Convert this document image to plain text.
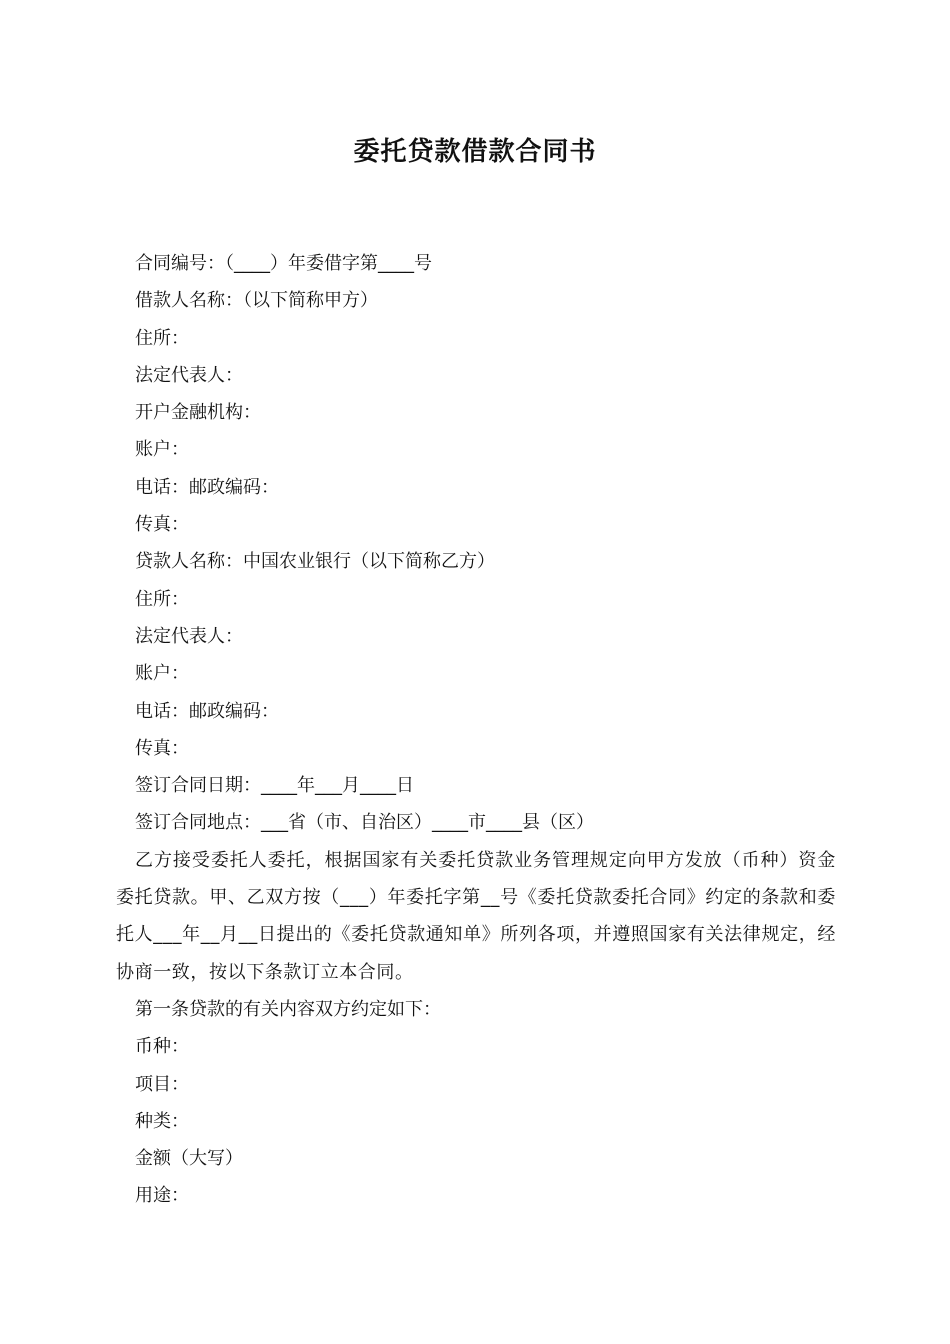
委托贷款借款合同书

合同编号：（____）年委借字第____号

借款人名称：（以下简称甲方）

住所：

法定代表人：

开户金融机构：

账户：

电话：邮政编码：

传真：

贷款人名称：中国农业银行（以下简称乙方）

住所：

法定代表人：

账户：

电话：邮政编码：

传真：

签订合同日期：____年___月____日

签订合同地点：___省（市、自治区）____市____县（区）

乙方接受委托人委托，根据国家有关委托贷款业务管理规定向甲方发放（币种）资金委托贷款。甲、乙双方按（___）年委托字第__号《委托贷款委托合同》约定的条款和委托人___年__月__日提出的《委托贷款通知单》所列各项，并遵照国家有关法律规定，经协商一致，按以下条款订立本合同。

第一条贷款的有关内容双方约定如下：

币种：

项目：

种类：

金额（大写）

用途：
